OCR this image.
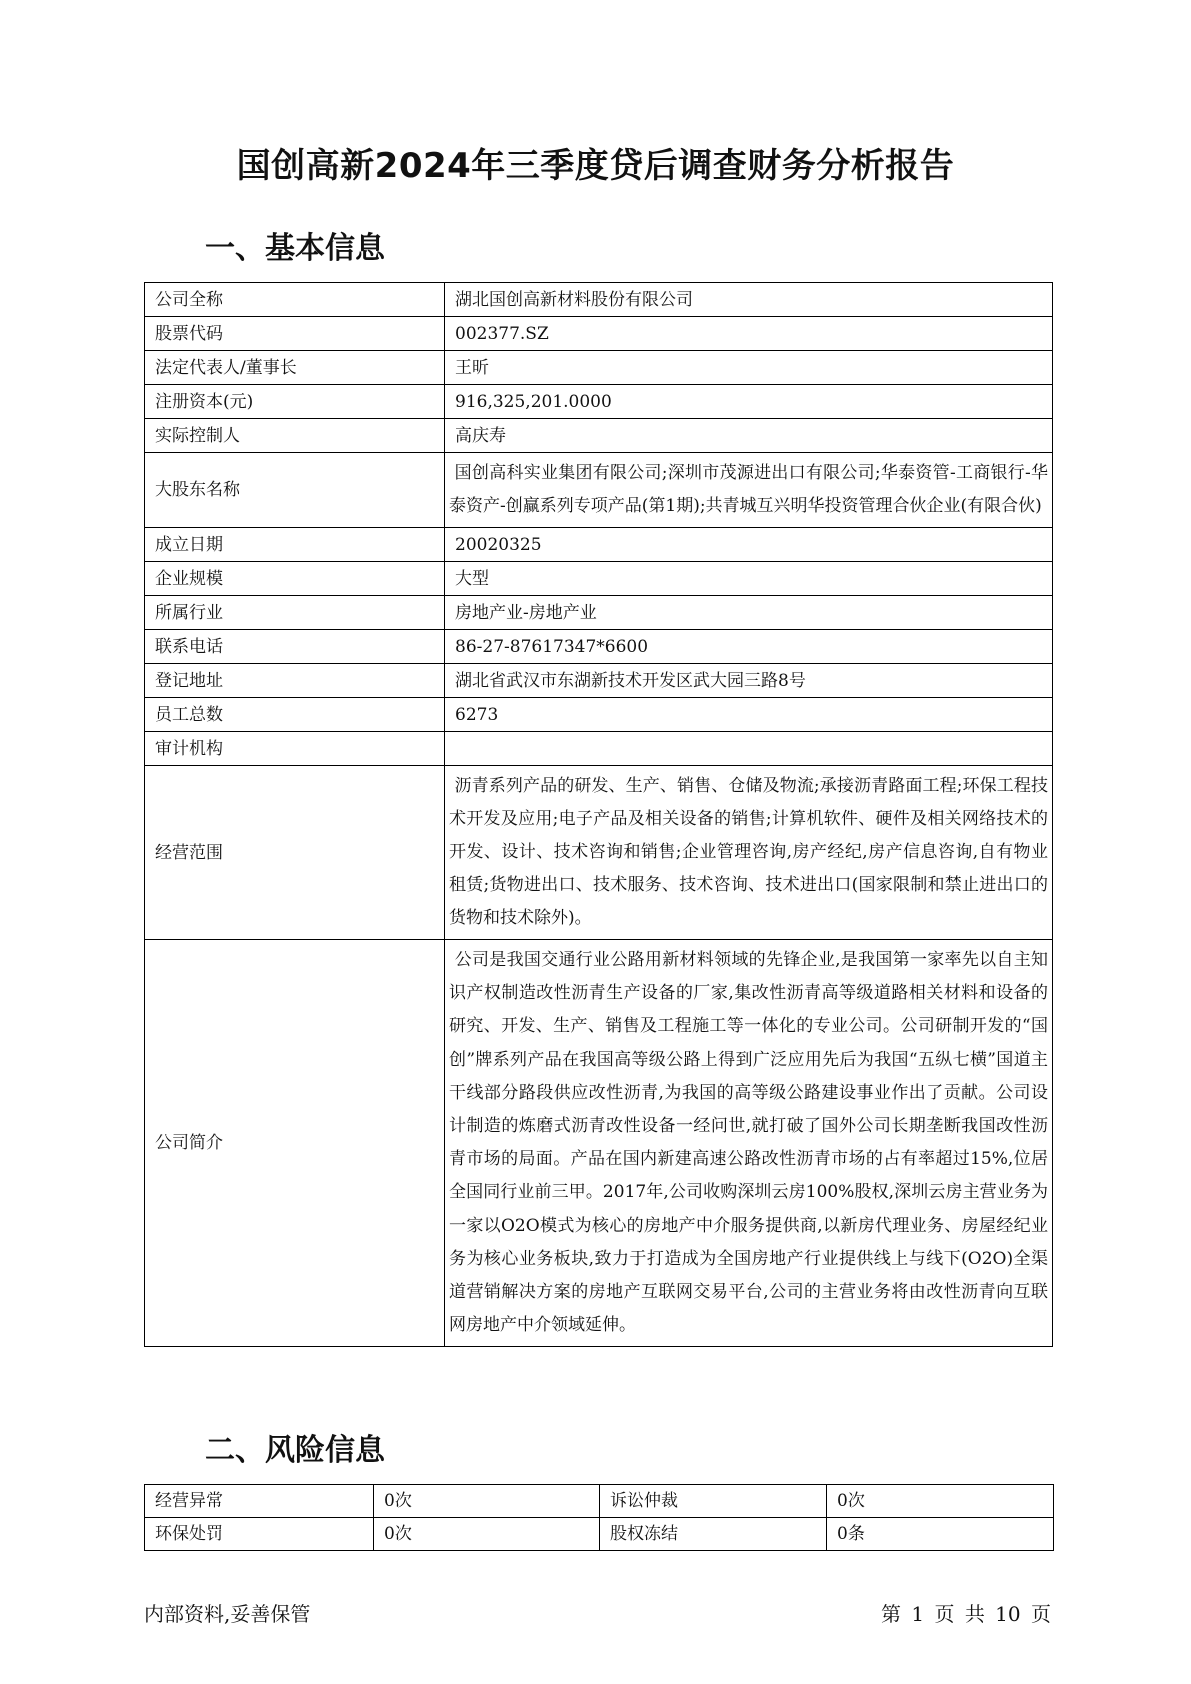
国创高新2024年三季度贷后调查财务分析报告
一、基本信息
公司全称	湖北国创高新材料股份有限公司
股票代码	002377.SZ
法定代表人/董事长	王昕
注册资本(元)	916,325,201.0000
实际控制人	高庆寿
大股东名称	国创高科实业集团有限公司;深圳市茂源进出口有限公司;华泰资管-工商银行-华泰资产-创赢系列专项产品(第1期);共青城互兴明华投资管理合伙企业(有限合伙)
成立日期	20020325
企业规模	大型
所属行业	房地产业-房地产业
联系电话	86-27-87617347*6600
登记地址	湖北省武汉市东湖新技术开发区武大园三路8号
员工总数	6273
审计机构	
经营范围	沥青系列产品的研发、生产、销售、仓储及物流;承接沥青路面工程;环保工程技术开发及应用;电子产品及相关设备的销售;计算机软件、硬件及相关网络技术的开发、设计、技术咨询和销售;企业管理咨询,房产经纪,房产信息咨询,自有物业租赁;货物进出口、技术服务、技术咨询、技术进出口(国家限制和禁止进出口的货物和技术除外)。
公司简介	公司是我国交通行业公路用新材料领域的先锋企业,是我国第一家率先以自主知识产权制造改性沥青生产设备的厂家,集改性沥青高等级道路相关材料和设备的研究、开发、生产、销售及工程施工等一体化的专业公司。公司研制开发的“国创”牌系列产品在我国高等级公路上得到广泛应用先后为我国“五纵七横”国道主干线部分路段供应改性沥青,为我国的高等级公路建设事业作出了贡献。公司设计制造的炼磨式沥青改性设备一经问世,就打破了国外公司长期垄断我国改性沥青市场的局面。产品在国内新建高速公路改性沥青市场的占有率超过15%,位居全国同行业前三甲。2017年,公司收购深圳云房100%股权,深圳云房主营业务为一家以O2O模式为核心的房地产中介服务提供商,以新房代理业务、房屋经纪业务为核心业务板块,致力于打造成为全国房地产行业提供线上与线下(O2O)全渠道营销解决方案的房地产互联网交易平台,公司的主营业务将由改性沥青向互联网房地产中介领域延伸。
二、风险信息
经营异常	0次	诉讼仲裁	0次
环保处罚	0次	股权冻结	0条
内部资料,妥善保管	第 1 页 共 10 页
